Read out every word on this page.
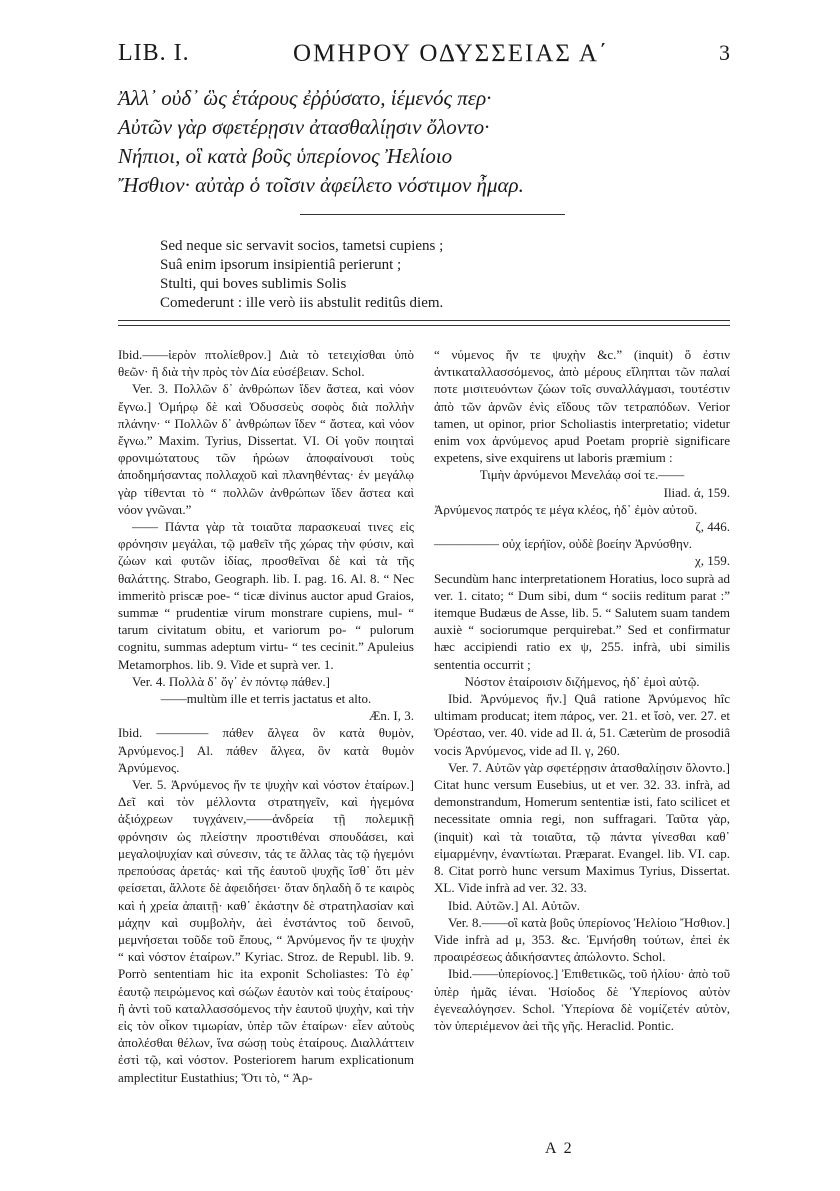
LIB. I.	ΟΜΗΡΟΥ ΟΔΥΣΣΕΙΑΣ Α΄	3
Ἀλλ᾽ οὐδ᾽ ὣς ἑτάρους ἐῤῥύσατο, ἱέμενός περ·
Αὐτῶν γὰρ σφετέρῃσιν ἀτασθαλίῃσιν ὄλοντο·
Νήπιοι, οἳ κατὰ βοῦς ὑπερίονος Ἠελίοιο
Ἤσθιον· αὐτὰρ ὁ τοῖσιν ἀφείλετο νόστιμον ἦμαρ.
Sed neque sic servavit socios, tametsi cupiens ;
Suâ enim ipsorum insipientiâ perierunt ;
Stulti, qui boves sublimis Solis
Comederunt : ille verò iis abstulit reditûs diem.

Ibid.——ἱερὸν πτολίεθρον.] Διὰ τὸ τετειχίσθαι ὑπὸ θεῶν· ἢ διὰ τὴν πρὸς τὸν Δία εὐσέβειαν. Schol.

Ver. 3. Πολλῶν δ᾽ ἀνθρώπων ἴδεν ἄστεα, καὶ νόον ἔγνω.] Ὁμήρῳ δὲ καὶ Ὀδυσσεὺς σοφὸς διὰ πολλὴν πλάνην· “ Πολλῶν δ᾽ ἀνθρώπων ἴδεν “ ἄστεα, καὶ νόον ἔγνω.” Maxim. Tyrius, Dissertat. VI. Οἱ γοῦν ποιηταὶ φρονιμώτατους τῶν ἡρώων ἀποφαίνουσι τοὺς ἀποδημήσαντας πολλαχοῦ καὶ πλανηθέντας· ἐν μεγάλῳ γὰρ τίθενται τὸ “ πολλῶν ἀνθρώπων ἴδεν ἄστεα καὶ νόον γνῶναι.”

—— Πάντα γὰρ τὰ τοιαῦτα παρασκευαί τινες εἰς φρόνησιν μεγάλαι, τῷ μαθεῖν τῆς χώρας τὴν φύσιν, καὶ ζώων καὶ φυτῶν ἰδίας, προσθεῖναι δὲ καὶ τὰ τῆς θαλάττης. Strabo, Geograph. lib. I. pag. 16. Al. 8. “ Nec immeritò priscæ poe- “ ticæ divinus auctor apud Graios, summæ “ prudentiæ virum monstrare cupiens, mul- “ tarum civitatum obitu, et variorum po- “ pulorum cognitu, summas adeptum virtu- “ tes cecinit.” Apuleius Metamorphos. lib. 9. Vide et suprà ver. 1.

Ver. 4. Πολλὰ δ᾽ ὅγ᾽ ἐν πόντῳ πάθεν.]

——multùm ille et terris jactatus et alto.

Æn. I, 3.

Ibid. ———— πάθεν ἄλγεα ὃν κατὰ θυμὸν, Ἀρνύμενος.] Al. πάθεν ἄλγεα, ὃν κατὰ θυμὸν Ἀρνύμενος.

Ver. 5. Ἀρνύμενος ἥν τε ψυχὴν καὶ νόστον ἑταίρων.] Δεῖ καὶ τὸν μέλλοντα στρατηγεῖν, καὶ ἡγεμόνα ἀξιόχρεων τυγχάνειν,——ἀνδρεία τῇ πολεμικῇ φρόνησιν ὡς πλείστην προστιθέναι σπουδάσει, καὶ μεγαλοψυχίαν καὶ σύνεσιν, τάς τε ἄλλας τὰς τῷ ἡγεμόνι πρεπούσας ἀρετάς· καὶ τῆς ἑαυτοῦ ψυχῆς ἴσθ᾽ ὅτι μὲν φείσεται, ἄλλοτε δὲ ἀφειδήσει· ὅταν δηλαδὴ ὅ τε καιρὸς καὶ ἡ χρεία ἀπαιτῇ· καθ᾽ ἑκάστην δὲ στρατηλασίαν καὶ μάχην καὶ συμβολὴν, ἀεὶ ἐνστάντος τοῦ δεινοῦ, μεμνήσεται τοῦδε τοῦ ἔπους, “ Ἀρνύμενος ἥν τε ψυχὴν “ καὶ νόστον ἑταίρων.” Kyriac. Stroz. de Republ. lib. 9. Porrò sententiam hic ita exponit Scholiastes: Τὸ ἐφ᾽ ἑαυτῷ πειρώμενος καὶ σώζων ἑαυτὸν καὶ τοὺς ἑταίρους· ἢ ἀντὶ τοῦ καταλλασσόμενος τὴν ἑαυτοῦ ψυχὴν, καὶ τὴν εἰς τὸν οἶκον τιμωρίαν, ὑπὲρ τῶν ἑταίρων· εἶεν αὐτοὺς ἀπολέσθαι θέλων, ἵνα σώσῃ τοὺς ἑταίρους. Διαλλάττειν ἐστὶ τῷ, καὶ νόστον. Posteriorem harum explicationum amplectitur Eustathius; Ὅτι τὸ, “ Ἀρ-

“ νύμενος ἥν τε ψυχὴν &c.” (inquit) ὅ ἐστιν ἀντικαταλλασσόμενος, ἀπὸ μέρους εἴληπται τῶν παλαί ποτε μισιτευόντων ζώων τοῖς συναλλάγμασι, τουτέστιν ἀπὸ τῶν ἀρνῶν ἐνὶς εἴδους τῶν τετραπόδων. Verior tamen, ut opinor, prior Scholiastis interpretatio; videtur enim vox ἀρνύμενος apud Poetam propriè significare expetens, sive exquirens ut laboris præmium :

Τιμὴν ἀρνύμενοι Μενελάῳ σοί τε.——

Iliad. ά, 159.

Ἀρνύμενος πατρός τε μέγα κλέος, ἠδ᾽ ἐμὸν αὐτοῦ.

ζ, 446.

————— οὐχ ἱερήϊον, οὐδὲ βοείην Ἀρνύσθην.

χ, 159.

Secundùm hanc interpretationem Horatius, loco suprà ad ver. 1. citato; “ Dum sibi, dum “ sociis reditum parat :” itemque Budæus de Asse, lib. 5. “ Salutem suam tandem auxiè “ sociorumque perquirebat.” Sed et confirmatur hæc accipiendi ratio ex ψ, 255. infrà, ubi similis sententia occurrit ;

Νόστον ἑταίροισιν διζήμενος, ἠδ᾽ ἐμοὶ αὐτῷ.

Ibid. Ἀρνύμενος ἥν.] Quâ ratione Ἀρνύμενος hîc ultimam producat; item πάρος, ver. 21. et ἴσὸ, ver. 27. et Ὀρέσταο, ver. 40. vide ad Il. ά, 51. Cæterùm de prosodiâ vocis Ἀρνύμενος, vide ad Il. γ, 260.

Ver. 7. Αὐτῶν γὰρ σφετέρῃσιν ἀτασθαλίῃσιν ὄλοντο.] Citat hunc versum Eusebius, ut et ver. 32. 33. infrà, ad demonstrandum, Homerum sententiæ isti, fato scilicet et necessitate omnia regi, non suffragari. Ταῦτα γὰρ, (inquit) καὶ τὰ τοιαῦτα, τῷ πάντα γίνεσθαι καθ᾽ εἱμαρμένην, ἐναντίωται. Præparat. Evangel. lib. VI. cap. 8. Citat porrò hunc versum Maximus Tyrius, Dissertat. XL. Vide infrà ad ver. 32. 33.

Ibid. Αὐτῶν.] Al. Αὐτῶν.

Ver. 8.——οἳ κατὰ βοῦς ὑπερίονος Ἠελίοιο Ἤσθιον.] Vide infrà ad μ, 353. &c. Ἐμνήσθη τούτων, ἐπεὶ ἐκ προαιρέσεως ἀδικήσαντες ἀπώλοντο. Schol.

Ibid.——ὑπερίονος.] Ἐπιθετικῶς, τοῦ ἡλίου· ἀπὸ τοῦ ὑπὲρ ἡμᾶς ἰέναι. Ἡσίοδος δὲ Ὑπερίονος αὐτὸν ἐγενεαλόγησεν. Schol. Ὑπερίονα δὲ νομίζετέν αὐτὸν, τὸν ὑπεριέμενον ἀεὶ τῆς γῆς. Heraclid. Pontic.

A 2
